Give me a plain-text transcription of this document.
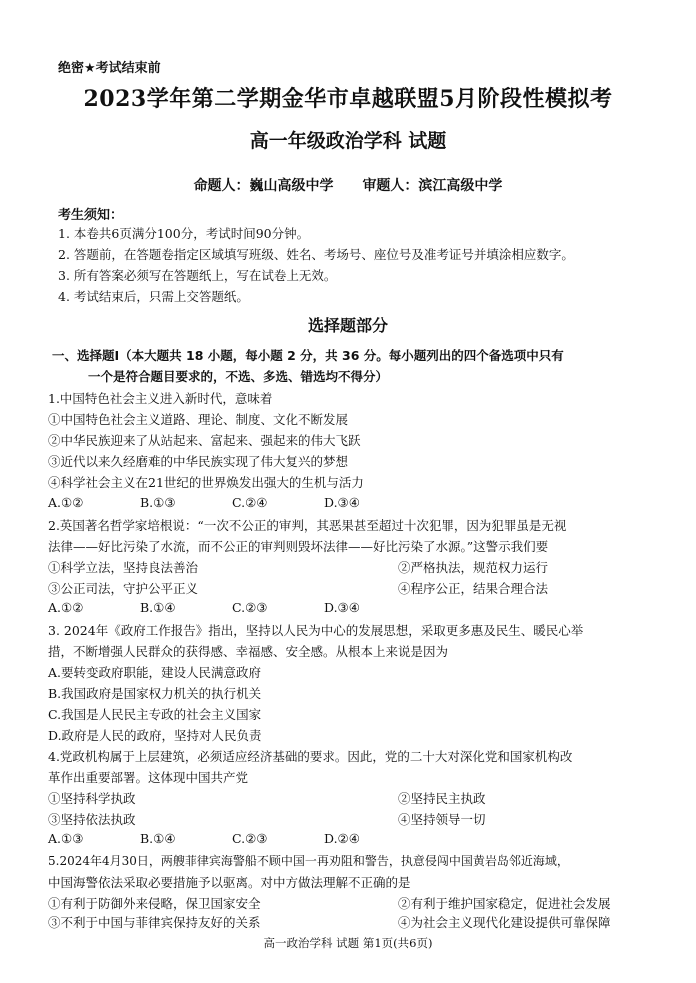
绝密★考试结束前
2023学年第二学期金华市卓越联盟5月阶段性模拟考
高一年级政治学科 试题
命题人：巍山高级中学 审题人：滨江高级中学
考生须知：
1. 本卷共6页满分100分，考试时间90分钟。
2. 答题前，在答题卷指定区域填写班级、姓名、考场号、座位号及准考证号并填涂相应数字。
3. 所有答案必须写在答题纸上，写在试卷上无效。
4. 考试结束后，只需上交答题纸。
选择题部分
一、选择题Ⅰ（本大题共 18 小题，每小题 2 分，共 36 分。每小题列出的四个备选项中只有
一个是符合题目要求的，不选、多选、错选均不得分）
1.中国特色社会主义进入新时代，意味着
①中国特色社会主义道路、理论、制度、文化不断发展
②中华民族迎来了从站起来、富起来、强起来的伟大飞跃
③近代以来久经磨难的中华民族实现了伟大复兴的梦想
④科学社会主义在21世纪的世界焕发出强大的生机与活力
A.①②	B.①③	C.②④	D.③④
2.英国著名哲学家培根说：“一次不公正的审判，其恶果甚至超过十次犯罪，因为犯罪虽是无视
法律——好比污染了水流，而不公正的审判则毁坏法律——好比污染了水源。”这警示我们要
①科学立法，坚持良法善治	②严格执法，规范权力运行
③公正司法，守护公平正义	④程序公正，结果合理合法
A.①②	B.①④	C.②③	D.③④
3. 2024年《政府工作报告》指出，坚持以人民为中心的发展思想，采取更多惠及民生、暖民心举
措，不断增强人民群众的获得感、幸福感、安全感。从根本上来说是因为
A.要转变政府职能，建设人民满意政府
B.我国政府是国家权力机关的执行机关
C.我国是人民民主专政的社会主义国家
D.政府是人民的政府，坚持对人民负责
4.党政机构属于上层建筑，必须适应经济基础的要求。因此，党的二十大对深化党和国家机构改
革作出重要部署。这体现中国共产党
①坚持科学执政	②坚持民主执政
③坚持依法执政	④坚持领导一切
A.①③	B.①④	C.②③	D.②④
5.2024年4月30日，两艘菲律宾海警船不顾中国一再劝阻和警告，执意侵闯中国黄岩岛邻近海域，
中国海警依法采取必要措施予以驱离。对中方做法理解不正确的是
①有利于防御外来侵略，保卫国家安全	②有利于维护国家稳定，促进社会发展
③不利于中国与菲律宾保持友好的关系	④为社会主义现代化建设提供可靠保障
高一政治学科 试题 第1页(共6页)
